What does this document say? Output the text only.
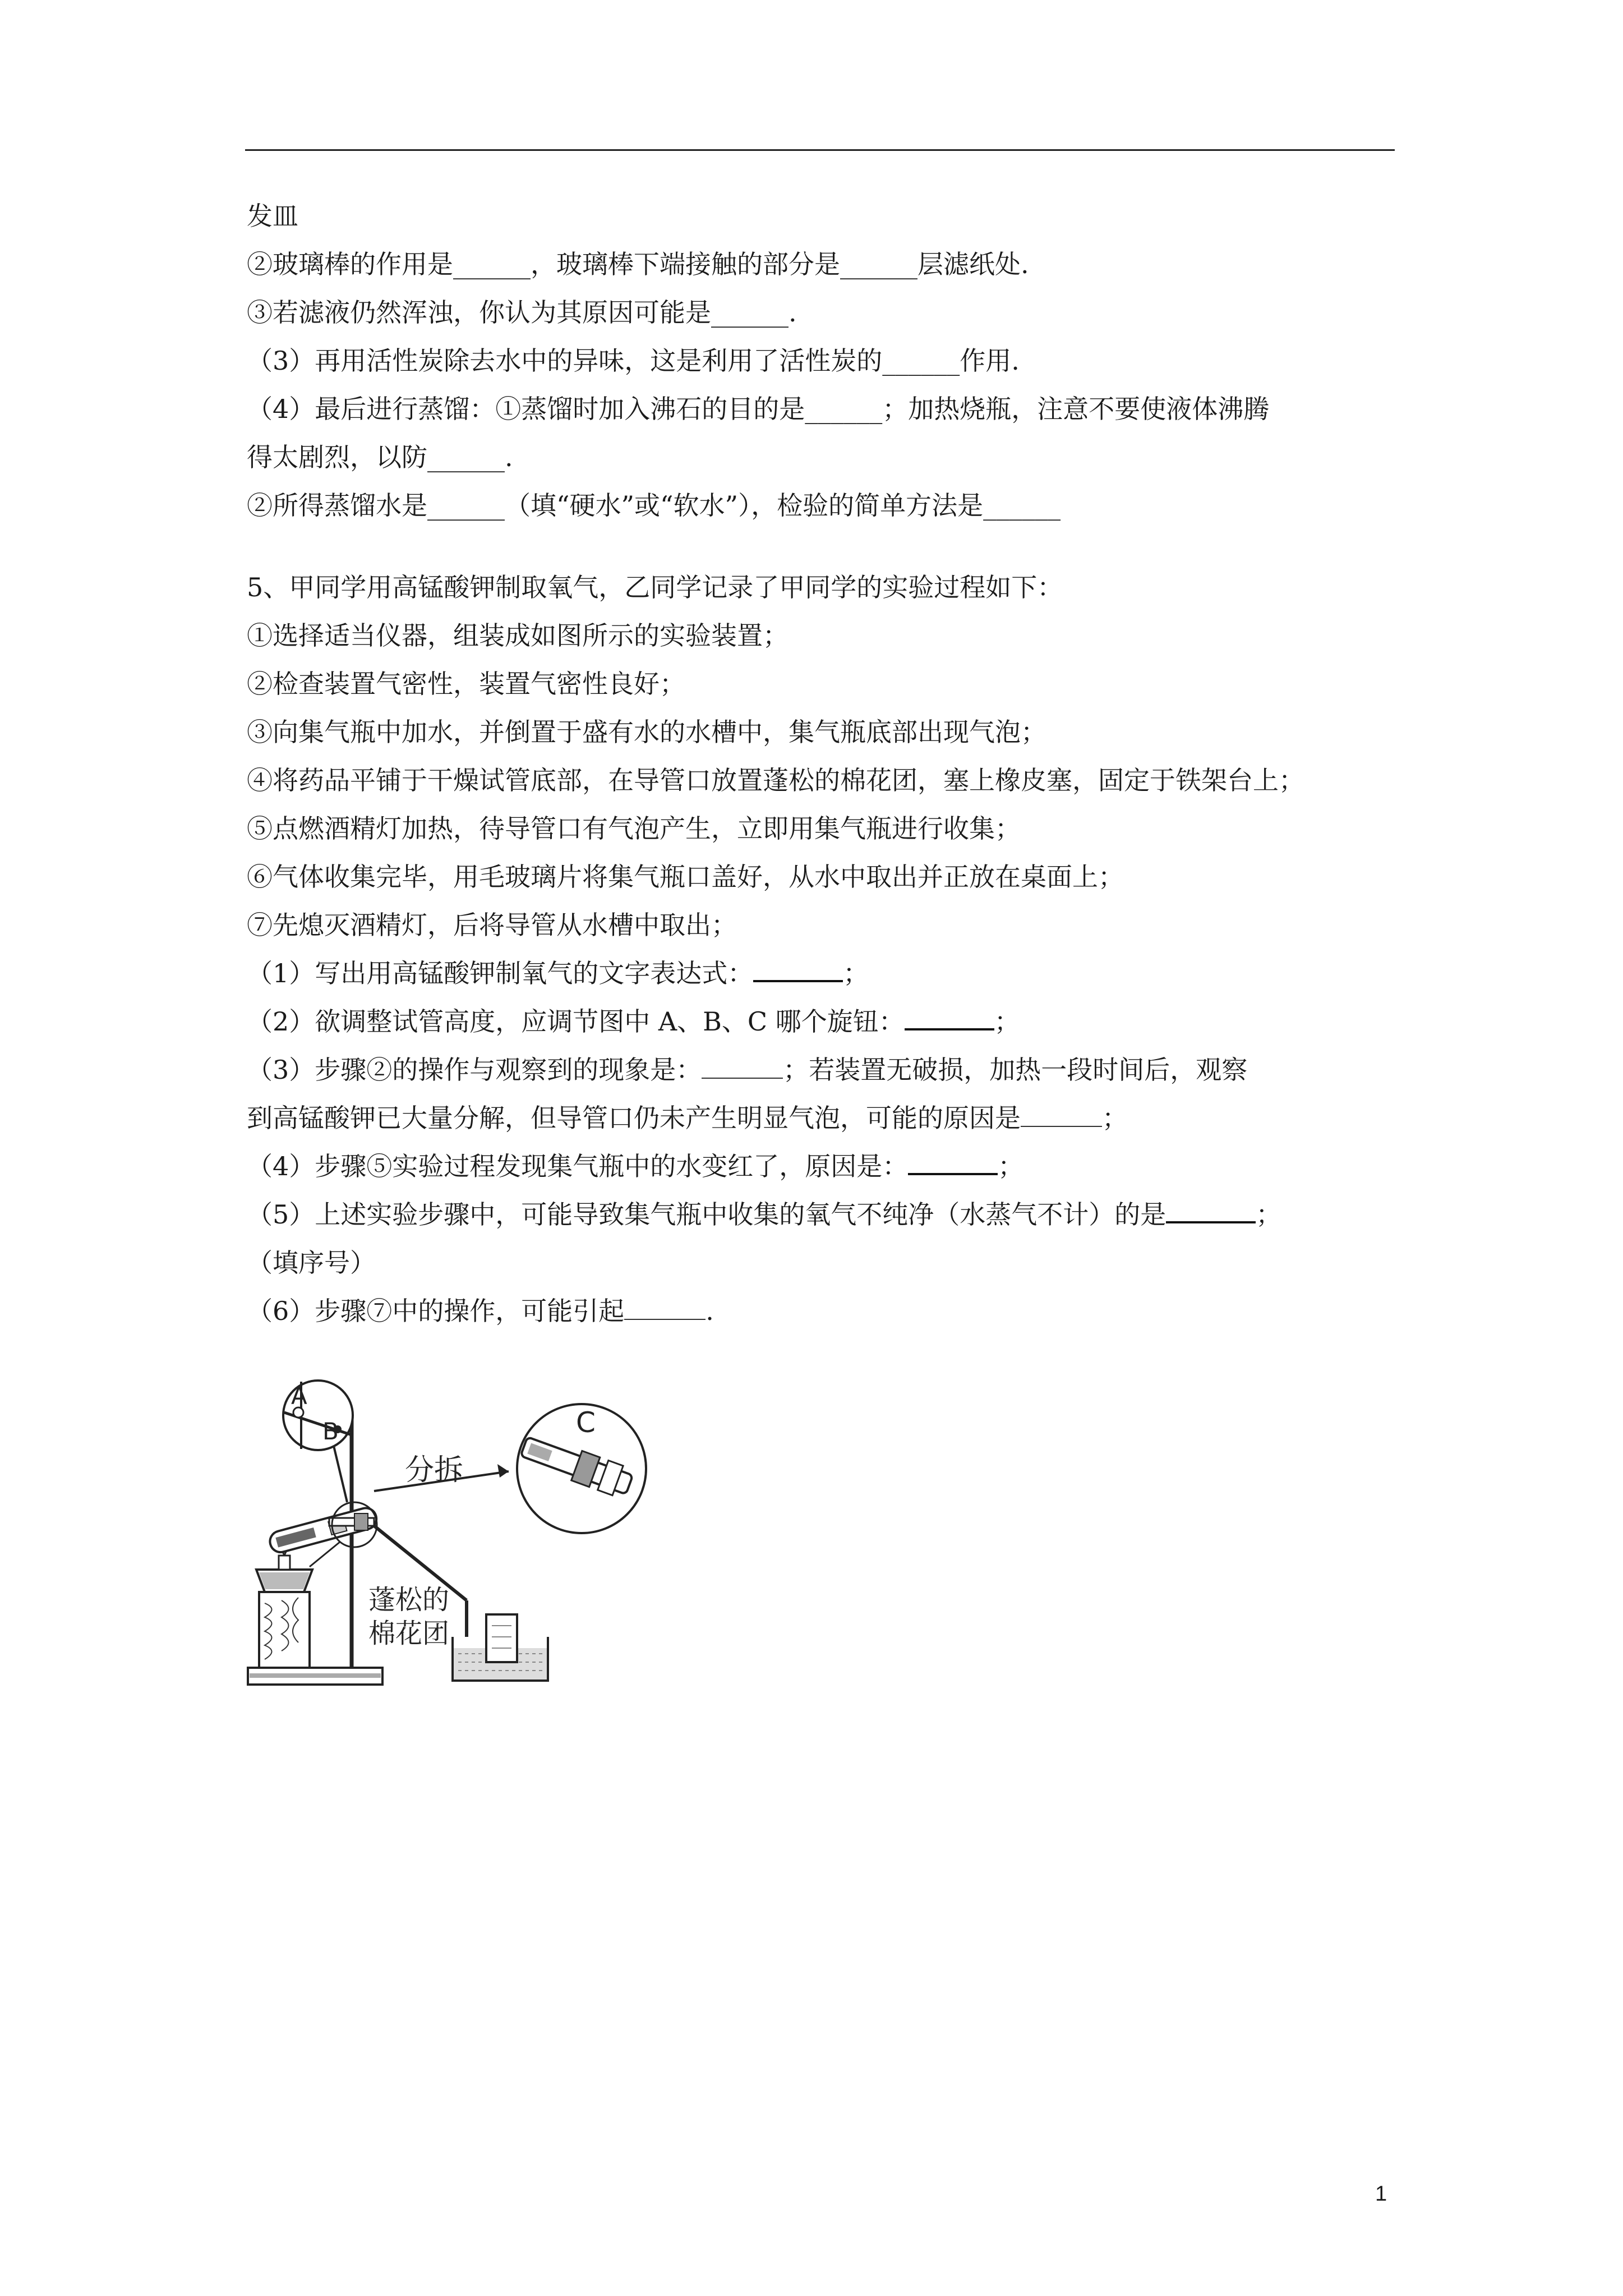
发皿
②玻璃棒的作用是______，玻璃棒下端接触的部分是______层滤纸处.
③若滤液仍然浑浊，你认为其原因可能是______.
（3）再用活性炭除去水中的异味，这是利用了活性炭的______作用.
（4）最后进行蒸馏：①蒸馏时加入沸石的目的是______；加热烧瓶，注意不要使液体沸腾
得太剧烈，以防______.
②所得蒸馏水是______（填“硬水”或“软水”），检验的简单方法是______
5、甲同学用高锰酸钾制取氧气，乙同学记录了甲同学的实验过程如下：
①选择适当仪器，组装成如图所示的实验装置；
②检查装置气密性，装置气密性良好；
③向集气瓶中加水，并倒置于盛有水的水槽中，集气瓶底部出现气泡；
④将药品平铺于干燥试管底部，在导管口放置蓬松的棉花团，塞上橡皮塞，固定于铁架台上；
⑤点燃酒精灯加热，待导管口有气泡产生，立即用集气瓶进行收集；
⑥气体收集完毕，用毛玻璃片将集气瓶口盖好，从水中取出并正放在桌面上；
⑦先熄灭酒精灯，后将导管从水槽中取出；
（1）写出用高锰酸钾制氧气的文字表达式：	；
（2）欲调整试管高度，应调节图中 A、B、C 哪个旋钮：	；
（3）步骤②的操作与观察到的现象是：	；若装置无破损，加热一段时间后，观察
到高锰酸钾已大量分解，但导管口仍未产生明显气泡，可能的原因是	；
（4）步骤⑤实验过程发现集气瓶中的水变红了，原因是：	；
（5）上述实验步骤中，可能导致集气瓶中收集的氧气不纯净（水蒸气不计）的是	；
（填序号）
（6）步骤⑦中的操作，可能引起	.
分拆
蓬松的
棉花团
A
B	C
1
